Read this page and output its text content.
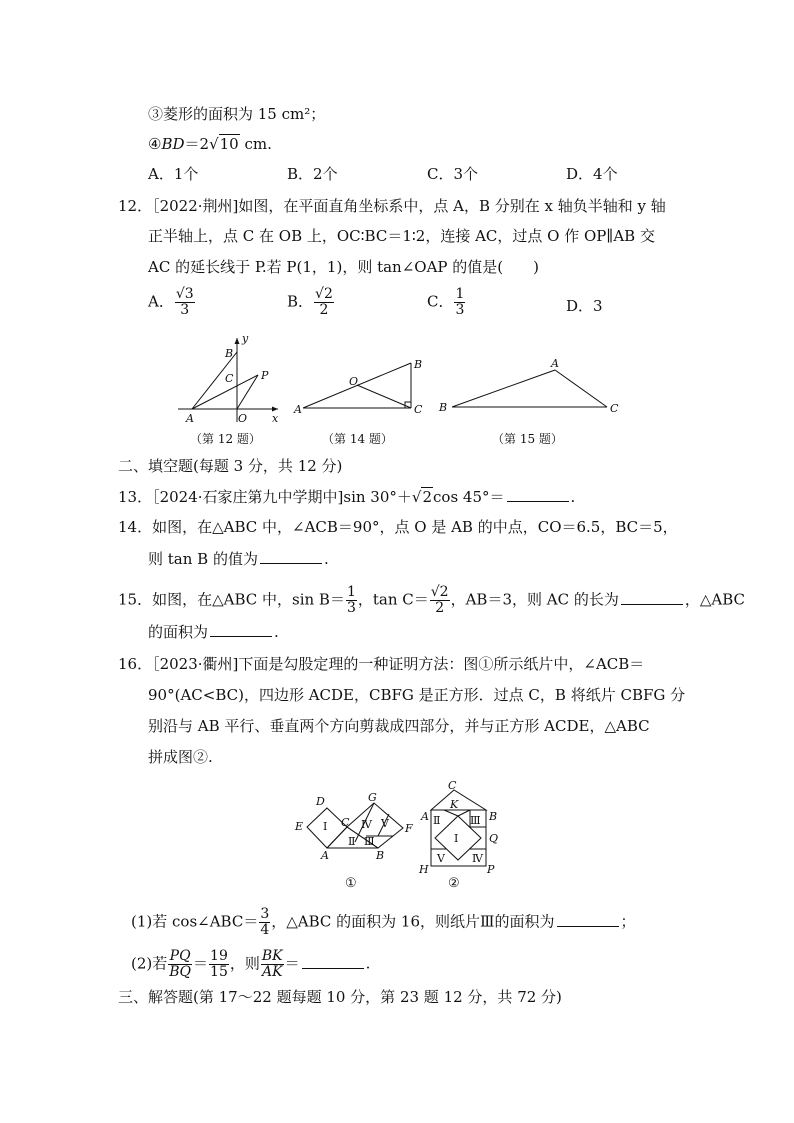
③菱形的面积为 15 cm²；
④BD＝2√10 cm.
A．1个	B．2个	C．3个	D．4个
12．［2022·荆州]如图，在平面直角坐标系中，点 A，B 分别在 x 轴负半轴和 y 轴
正半轴上，点 C 在 OB 上，OC∶BC＝1∶2，连接 AC，过点 O 作 OP∥AB 交
AC 的延长线于 P.若 P(1，1)，则 tan∠OAP 的值是(　　)
A． $\frac{√3}{3}$	B． $\frac{√2}{2}$	C． $\frac{1}{3}$	D．3
y
x
B
C	P
A	O
（第 12 题）
B
O
A	C
（第 14 题）
A
B	C
（第 15 题）
二、填空题(每题 3 分，共 12 分)
13．［2024·石家庄第九中学期中]sin 30°＋√2cos 45°＝	.
14．如图，在△ABC 中，∠ACB＝90°，点 O 是 AB 的中点，CO＝6.5，BC＝5，
则 tan B 的值为	.
15．如图，在△ABC 中，$\sin B= \frac{1}{3}$ ，$\tan C= \frac{√2}{2}$ ，AB＝3，则 AC 的长为	，△ABC
的面积为	.
16．［2023·衢州]下面是勾股定理的一种证明方法：图①所示纸片中，∠ACB＝
90°(AC<BC)，四边形 ACDE，CBFG 是正方形．过点 C，B 将纸片 CBFG 分
别沿与 AB 平行、垂直两个方向剪裁成四部分，并与正方形 ACDE，△ABC
拼成图②.
D	G
E	C	F
A	B
Ⅰ	Ⅳ Ⅴ
Ⅲ
Ⅱ
①
C
K
A	B
Q
H	P
Ⅰ
Ⅱ	Ⅲ
Ⅳ
Ⅴ
②
(1)若 cos∠ABC＝ $\frac{3}{4}$ ，△ABC 的面积为 16，则纸片Ⅲ的面积为	；
(2)若 $\frac{PQ}{BQ} = \frac{19}{15}$ ，则 $\frac{BK}{AK}$ ＝	.
三、解答题(第 17～22 题每题 10 分，第 23 题 12 分，共 72 分)
